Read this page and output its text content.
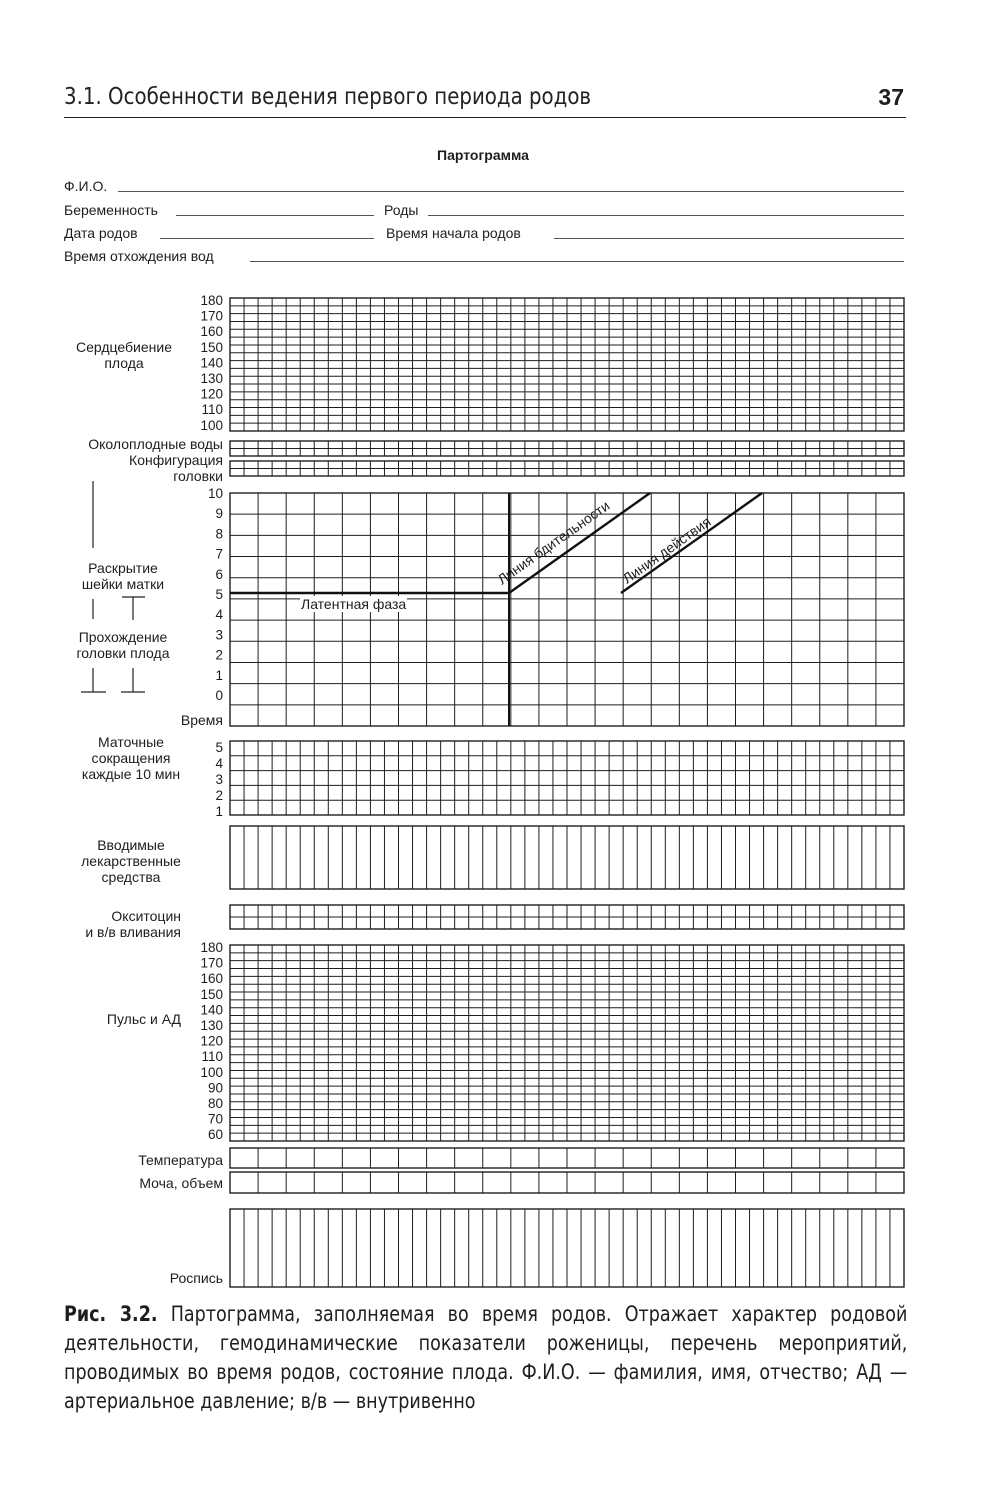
3.1. Особенности ведения первого периода родов	37
Партограмма
Ф.И.О.
Беременность	Роды
Дата родов	Время начала родов
Время отхождения вод
180
170
160
150
140
130
120
110
100
10
9
8
7
6
5
4
3
2
1
0
5
4
3
2
1
180
170
160
150
140
130
120
110
100
90
80
70
60
Линия бдительности Линия действия
Латентная фаза
Сердцебиение
плода
Околоплодные воды
Конфигурация
головки
Раскрытие
шейки матки
Прохождение
головки плода
Время
Маточные
сокращения
каждые 10 мин
Вводимые
лекарственные
средства
Окситоцин
и в/в вливания
Пульс и АД
Температура
Моча, объем
Роспись
Рис. 3.2. Партограмма, заполняемая во время родов. Отражает характер родовой деятельности, гемодинамические показатели роженицы, перечень мероприятий, проводимых во время родов, состояние плода. Ф.И.О. — фамилия, имя, отчество; АД — артериальное давление; в/в — внутривенно
